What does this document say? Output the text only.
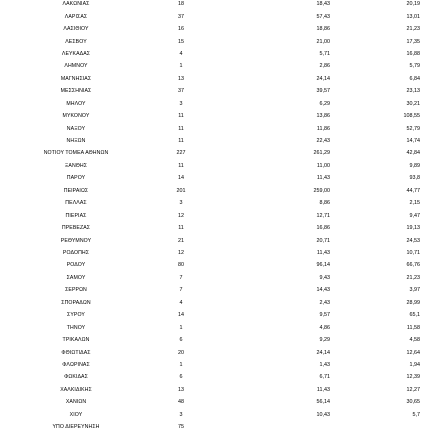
ΛΑΚΩΝΙΑΣ	18	18,43	20,19
ΛΑΡΙΣΑΣ	37	57,43	13,01
ΛΑΣΙΘΙΟΥ	16	18,86	21,23
ΛΕΣΒΟΥ	15	21,00	17,35
ΛΕΥΚΑΔΑΣ	4	5,71	16,88
ΛΗΜΝΟΥ	1	2,86	5,79
ΜΑΓΝΗΣΙΑΣ	13	24,14	6,84
ΜΕΣΣΗΝΙΑΣ	37	39,57	23,13
ΜΗΛΟΥ	3	6,29	30,21
ΜΥΚΟΝΟΥ	11	13,86	108,55
ΝΑΞΟΥ	11	11,86	52,79
ΝΗΞΩΝ	11	22,43	14,74
ΝΟΤΙΟΥ ΤΟΜΕΑ ΑΘΗΝΩΝ	227	261,29	42,84
ΞΑΝΘΗΣ	11	11,00	9,89
ΠΑΡΟΥ	14	11,43	93,8
ΠΕΙΡΑΙΩΣ	201	259,00	44,77
ΠΕΛΛΑΣ	3	8,86	2,15
ΠΙΕΡΙΑΣ	12	12,71	9,47
ΠΡΕΒΕΖΑΣ	11	16,86	19,13
ΡΕΘΥΜΝΟΥ	21	20,71	24,53
ΡΟΔΟΠΗΣ	12	11,43	10,71
ΡΟΔΟΥ	80	96,14	66,76
ΣΑΜΟΥ	7	9,43	21,23
ΣΕΡΡΩΝ	7	14,43	3,97
ΣΠΟΡΑΔΩΝ	4	2,43	28,99
ΣΥΡΟΥ	14	9,57	65,1
ΤΗΝΟΥ	1	4,86	11,58
ΤΡΙΚΑΛΩΝ	6	9,29	4,58
ΦΘΙΩΤΙΔΑΣ	20	24,14	12,64
ΦΛΩΡΙΝΑΣ	1	1,43	1,94
ΦΩΚΙΔΑΣ	6	6,71	12,39
ΧΑΛΚΙΔΙΚΗΣ	13	11,43	12,27
ΧΑΝΙΩΝ	48	56,14	30,65
ΧΙΟΥ	3	10,43	5,7
ΥΠΟ ΔΙΕΡΕΥΝΗΣΗ	75
